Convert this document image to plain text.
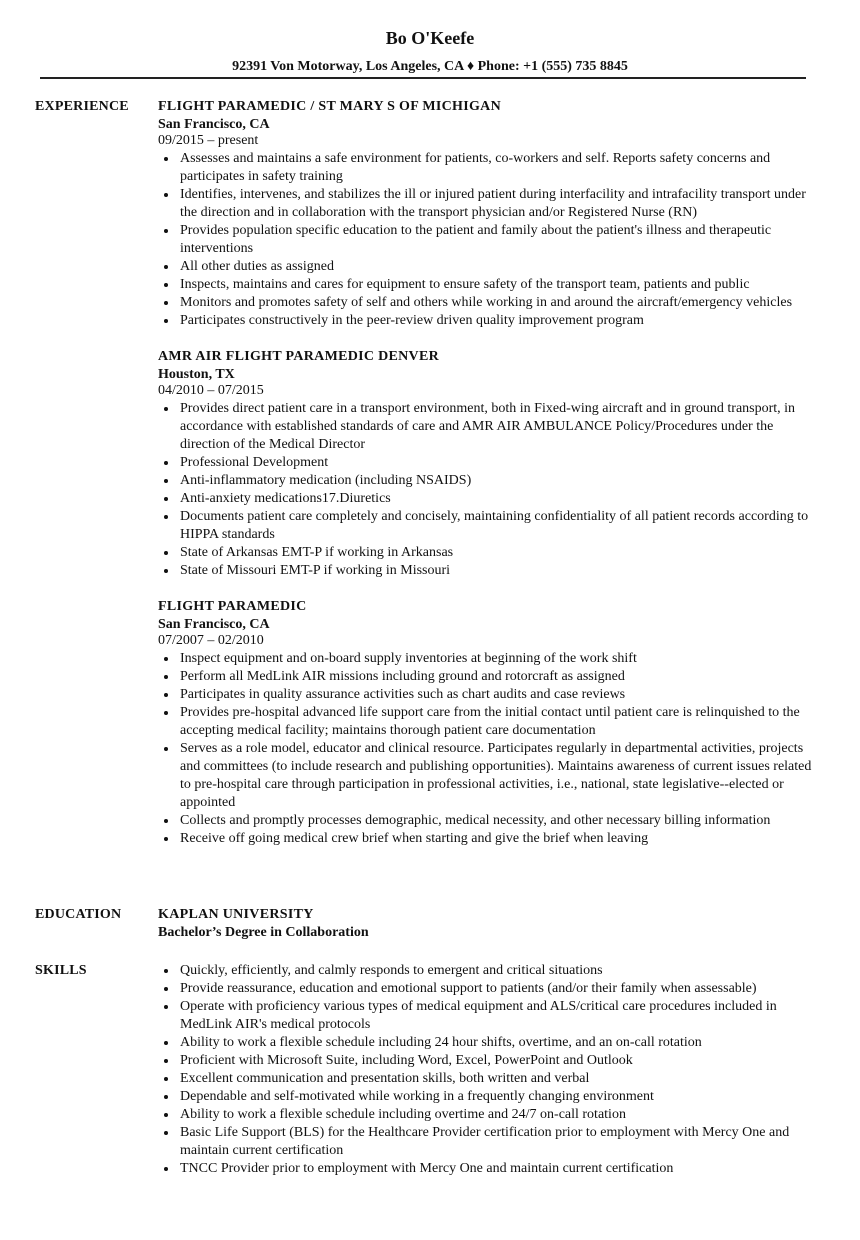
Bo O'Keefe
92391 Von Motorway, Los Angeles, CA ♦ Phone: +1 (555) 735 8845
EXPERIENCE FLIGHT PARAMEDIC / ST MARY S OF MICHIGAN
San Francisco, CA
09/2015 – present
Assesses and maintains a safe environment for patients, co-workers and self. Reports safety concerns and participates in safety training
Identifies, intervenes, and stabilizes the ill or injured patient during interfacility and intrafacility transport under the direction and in collaboration with the transport physician and/or Registered Nurse (RN)
Provides population specific education to the patient and family about the patient's illness and therapeutic interventions
All other duties as assigned
Inspects, maintains and cares for equipment to ensure safety of the transport team, patients and public
Monitors and promotes safety of self and others while working in and around the aircraft/emergency vehicles
Participates constructively in the peer-review driven quality improvement program
AMR AIR FLIGHT PARAMEDIC DENVER
Houston, TX
04/2010 – 07/2015
Provides direct patient care in a transport environment, both in Fixed-wing aircraft and in ground transport, in accordance with established standards of care and AMR AIR AMBULANCE Policy/Procedures under the direction of the Medical Director
Professional Development
Anti-inflammatory medication (including NSAIDS)
Anti-anxiety medications17.Diuretics
Documents patient care completely and concisely, maintaining confidentiality of all patient records according to HIPPA standards
State of Arkansas EMT-P if working in Arkansas
State of Missouri EMT-P if working in Missouri
FLIGHT PARAMEDIC
San Francisco, CA
07/2007 – 02/2010
Inspect equipment and on-board supply inventories at beginning of the work shift
Perform all MedLink AIR missions including ground and rotorcraft as assigned
Participates in quality assurance activities such as chart audits and case reviews
Provides pre-hospital advanced life support care from the initial contact until patient care is relinquished to the accepting medical facility; maintains thorough patient care documentation
Serves as a role model, educator and clinical resource. Participates regularly in departmental activities, projects and committees (to include research and publishing opportunities). Maintains awareness of current issues related to pre-hospital care through participation in professional activities, i.e., national, state legislative--elected or appointed
Collects and promptly processes demographic, medical necessity, and other necessary billing information
Receive off going medical crew brief when starting and give the brief when leaving
EDUCATION	KAPLAN UNIVERSITY
Bachelor’s Degree in Collaboration
SKILLS	Quickly, efficiently, and calmly responds to emergent and critical situations
Provide reassurance, education and emotional support to patients (and/or their family when assessable)
Operate with proficiency various types of medical equipment and ALS/critical care procedures included in MedLink AIR's medical protocols
Ability to work a flexible schedule including 24 hour shifts, overtime, and an on-call rotation
Proficient with Microsoft Suite, including Word, Excel, PowerPoint and Outlook
Excellent communication and presentation skills, both written and verbal
Dependable and self-motivated while working in a frequently changing environment
Ability to work a flexible schedule including overtime and 24/7 on-call rotation
Basic Life Support (BLS) for the Healthcare Provider certification prior to employment with Mercy One and maintain current certification
TNCC Provider prior to employment with Mercy One and maintain current certification
